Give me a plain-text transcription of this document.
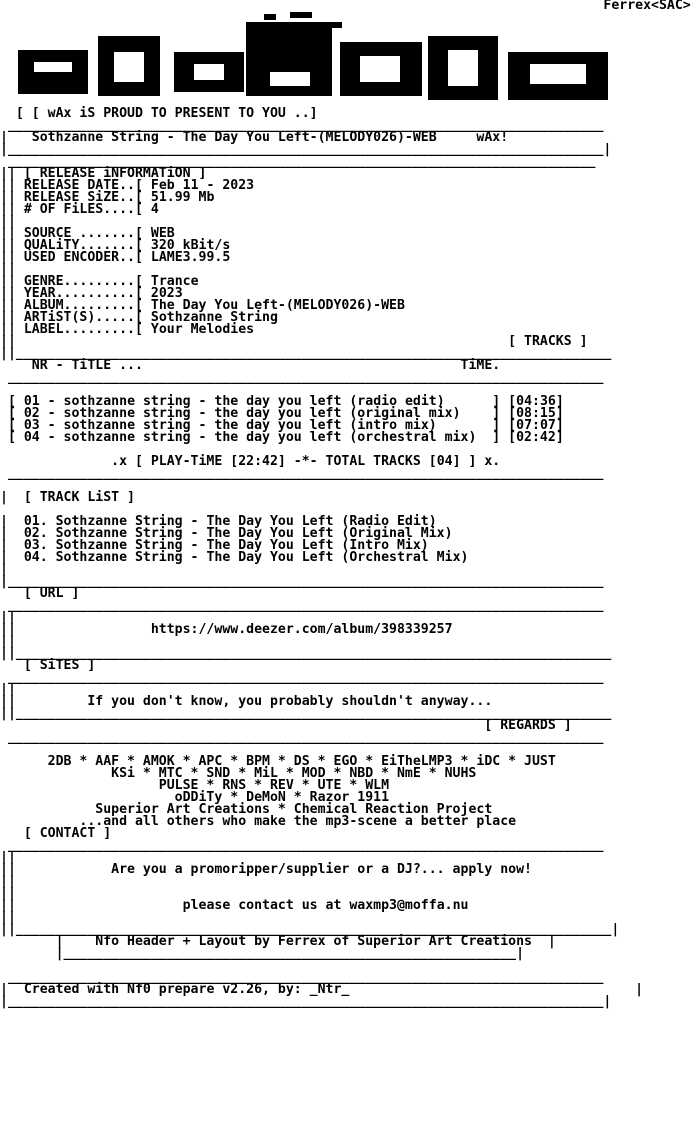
Ferrex<SAC>

[ [ wAx iS PROUD TO PRESENT TO YOU ..]
___________________________________________________________________________
|   Sothzanne String - The Day You Left-(MELODY026)-WEB	wAx!
|___________________________________________________________________________|
__________________________________________________________________________
|| [ RELEASE iNFORMATiON ]
|| RELEASE DATE..[ Feb 11 - 2023
|| RELEASE SiZE..[ 51.99 Mb
|| # OF FiLES....[ 4
||
|| SOURCE .......[ WEB
|| QUALiTY.......[ 320 kBit/s
|| USED ENCODER..[ LAME3.99.5
||
|| GENRE.........[ Trance
|| YEAR..........[ 2023
|| ALBUM.........[ The Day You Left-(MELODY026)-WEB
|| ARTiST(S).....[ Sothzanne String
|| LABEL.........[ Your Melodies
||	[ TRACKS ]
||___________________________________________________________________________
NR - TiTLE ...	TiME.
___________________________________________________________________________

[ 01 - sothzanne string - the day you left (radio edit)      ] [04:36]
[ 02 - sothzanne string - the day you left (original mix)    ] [08:15]
[ 03 - sothzanne string - the day you left (intro mix)       ] [07:07]
[ 04 - sothzanne string - the day you left (orchestral mix)  ] [02:42]

.x [ PLAY-TiME [22:42] -*- TOTAL TRACKS [04] ] x.
___________________________________________________________________________

|  [ TRACK LiST ]

|  01. Sothzanne String - The Day You Left (Radio Edit)
|  02. Sothzanne String - The Day You Left (Original Mix)
|  03. Sothzanne String - The Day You Left (Intro Mix)
|  04. Sothzanne String - The Day You Left (Orchestral Mix)
|
|___________________________________________________________________________
[ URL ]
___________________________________________________________________________
||
||	https://www.deezer.com/album/398339257
||
||___________________________________________________________________________
[ SiTES ]
___________________________________________________________________________
||
||	If you don't know, you probably shouldn't anyway...
||___________________________________________________________________________
[ REGARDS ]
___________________________________________________________________________

2DB * AAF * AMOK * APC * BPM * DS * EGO * EiTheLMP3 * iDC * JUST
KSi * MTC * SND * MiL * MOD * NBD * NmE * NUHS
PULSE * RNS * REV * UTE * WLM
oDDiTy * DeMoN * Razor 1911
Superior Art Creations * Chemical Reaction Project
...and all others who make the mp3-scene a better place
[ CONTACT ]
___________________________________________________________________________
||
||	Are you a promoripper/supplier or a DJ?... apply now!
||
||
||	please contact us at waxmp3@moffa.nu
||
||___________________________________________________________________________|
|    Nfo Header + Layout by Ferrex of Superior Art Creations  |
|_________________________________________________________|

___________________________________________________________________________
|  Created with Nf0 prepare v2.26, by: _Ntr_	|
|___________________________________________________________________________|
